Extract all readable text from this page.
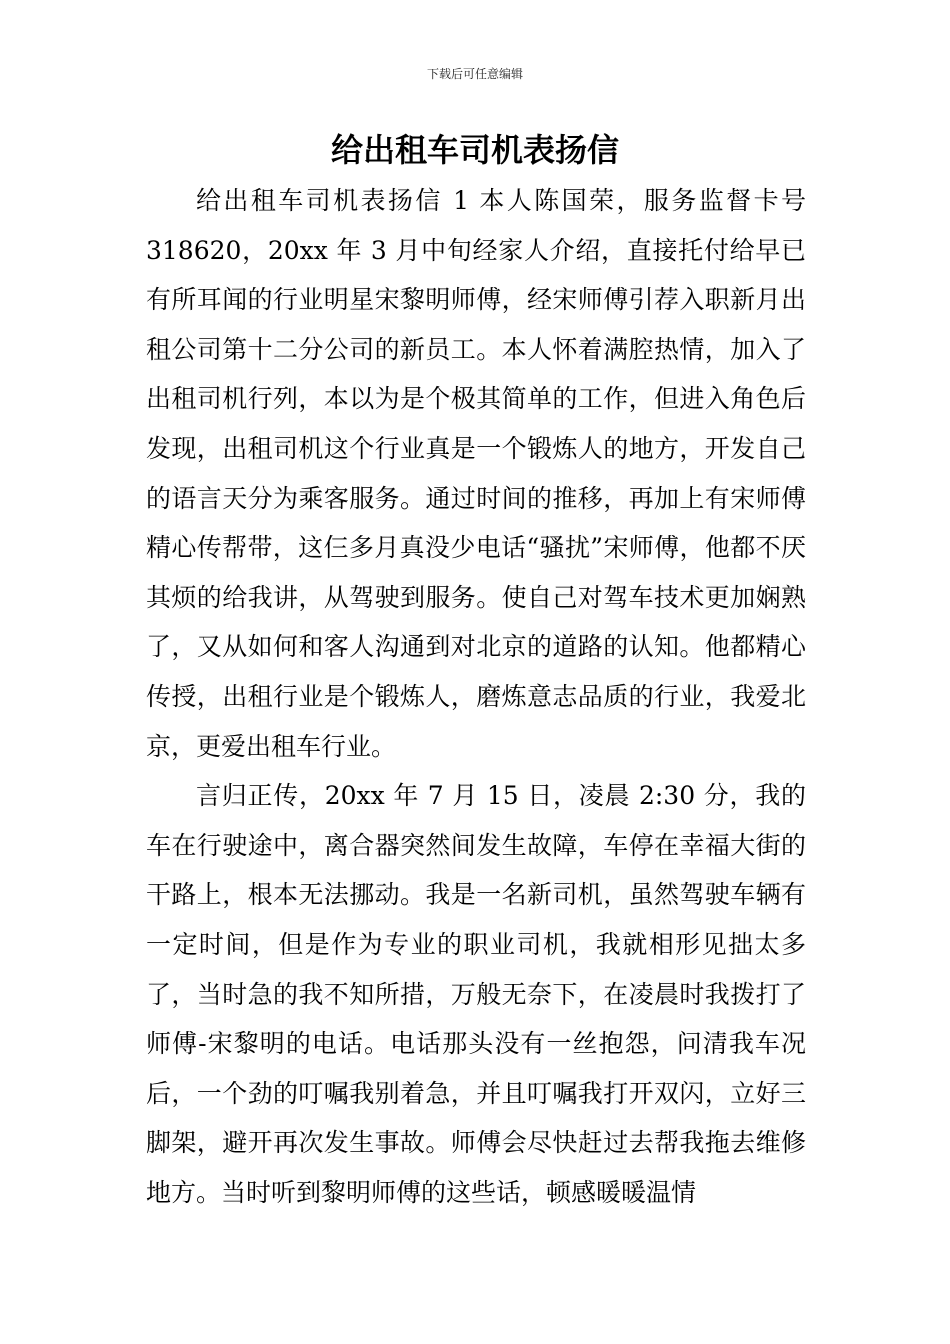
下载后可任意编辑
给出租车司机表扬信

给出租车司机表扬信 1 本人陈国荣，服务监督卡号 318620，20xx 年 3 月中旬经家人介绍，直接托付给早已有所耳闻的行业明星宋黎明师傅，经宋师傅引荐入职新月出租公司第十二分公司的新员工。本人怀着满腔热情，加入了出租司机行列，本以为是个极其简单的工作，但进入角色后发现，出租司机这个行业真是一个锻炼人的地方，开发自己的语言天分为乘客服务。通过时间的推移，再加上有宋师傅精心传帮带，这仨多月真没少电话“骚扰”宋师傅，他都不厌其烦的给我讲，从驾驶到服务。使自己对驾车技术更加娴熟了，又从如何和客人沟通到对北京的道路的认知。他都精心传授，出租行业是个锻炼人，磨炼意志品质的行业，我爱北京，更爱出租车行业。

言归正传，20xx 年 7 月 15 日，凌晨 2:30 分，我的车在行驶途中，离合器突然间发生故障，车停在幸福大街的干路上，根本无法挪动。我是一名新司机，虽然驾驶车辆有一定时间，但是作为专业的职业司机，我就相形见拙太多了，当时急的我不知所措，万般无奈下，在凌晨时我拨打了师傅-宋黎明的电话。电话那头没有一丝抱怨，问清我车况后，一个劲的叮嘱我别着急，并且叮嘱我打开双闪，立好三脚架，避开再次发生事故。师傅会尽快赶过去帮我拖去维修地方。当时听到黎明师傅的这些话，顿感暖暖温情
